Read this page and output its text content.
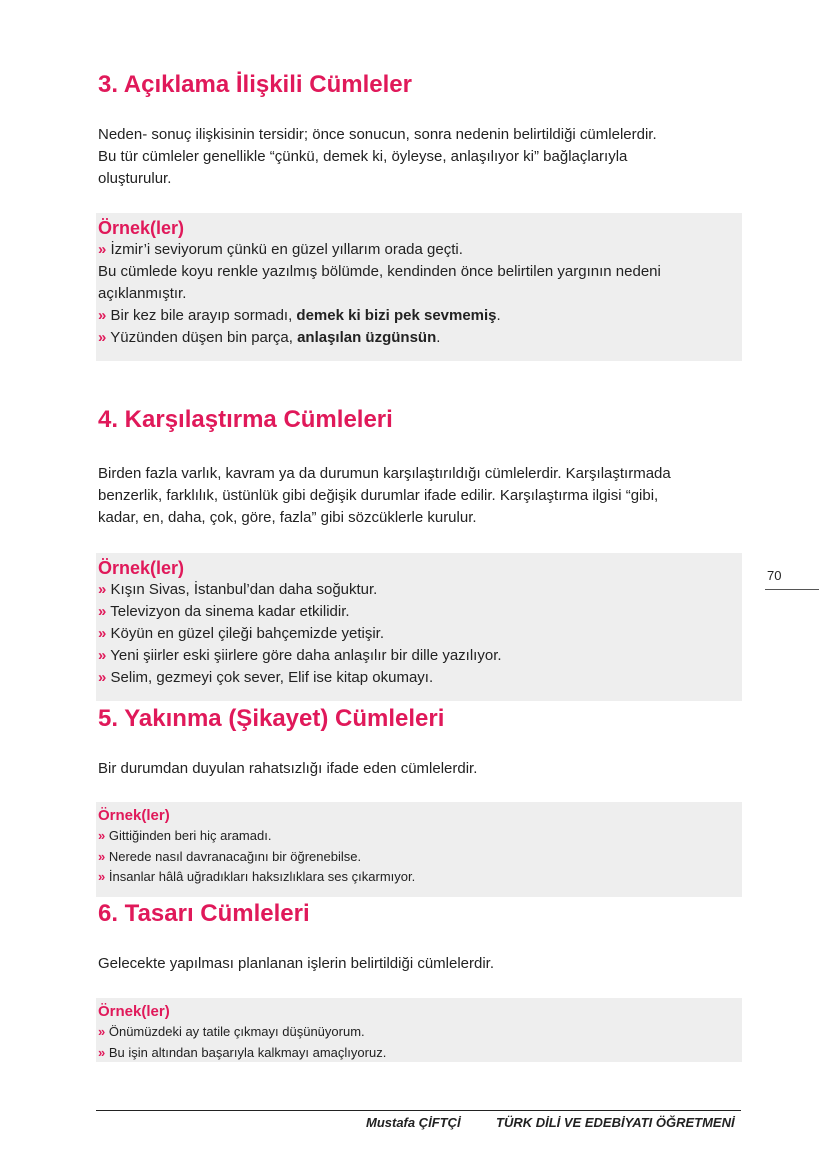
3. Açıklama İlişkili Cümleler

Neden- sonuç ilişkisinin tersidir; önce sonucun, sonra nedenin belirtildiği cümlelerdir.
Bu tür cümleler genellikle “çünkü, demek ki, öyleyse, anlaşılıyor ki” bağlaçlarıyla
oluşturulur.

Örnek(ler)
» İzmir’i seviyorum çünkü en güzel yıllarım orada geçti.
Bu cümlede koyu renkle yazılmış bölümde, kendinden önce belirtilen yargının nedeni
açıklanmıştır.
» Bir kez bile arayıp sormadı, demek ki bizi pek sevmemiş.
» Yüzünden düşen bin parça, anlaşılan üzgünsün.
4. Karşılaştırma Cümleleri

Birden fazla varlık, kavram ya da durumun karşılaştırıldığı cümlelerdir. Karşılaştırmada
benzerlik, farklılık, üstünlük gibi değişik durumlar ifade edilir. Karşılaştırma ilgisi “gibi,
kadar, en, daha, çok, göre, fazla” gibi sözcüklerle kurulur.

Örnek(ler)
» Kışın Sivas, İstanbul’dan daha soğuktur.
» Televizyon da sinema kadar etkilidir.
» Köyün en güzel çileği bahçemizde yetişir.
» Yeni şiirler eski şiirlere göre daha anlaşılır bir dille yazılıyor.
» Selim, gezmeyi çok sever, Elif ise kitap okumayı.
70
5. Yakınma (Şikayet) Cümleleri

Bir durumdan duyulan rahatsızlığı ifade eden cümlelerdir.

Örnek(ler)
» Gittiğinden beri hiç aramadı.
» Nerede nasıl davranacağını bir öğrenebilse.
» İnsanlar hâlâ uğradıkları haksızlıklara ses çıkarmıyor.
6. Tasarı Cümleleri

Gelecekte yapılması planlanan işlerin belirtildiği cümlelerdir.

Örnek(ler)
» Önümüzdeki ay tatile çıkmayı düşünüyorum.
» Bu işin altından başarıyla kalkmayı amaçlıyoruz.
Mustafa ÇİFTÇİ	TÜRK DİLİ VE EDEBİYATI ÖĞRETMENİ
